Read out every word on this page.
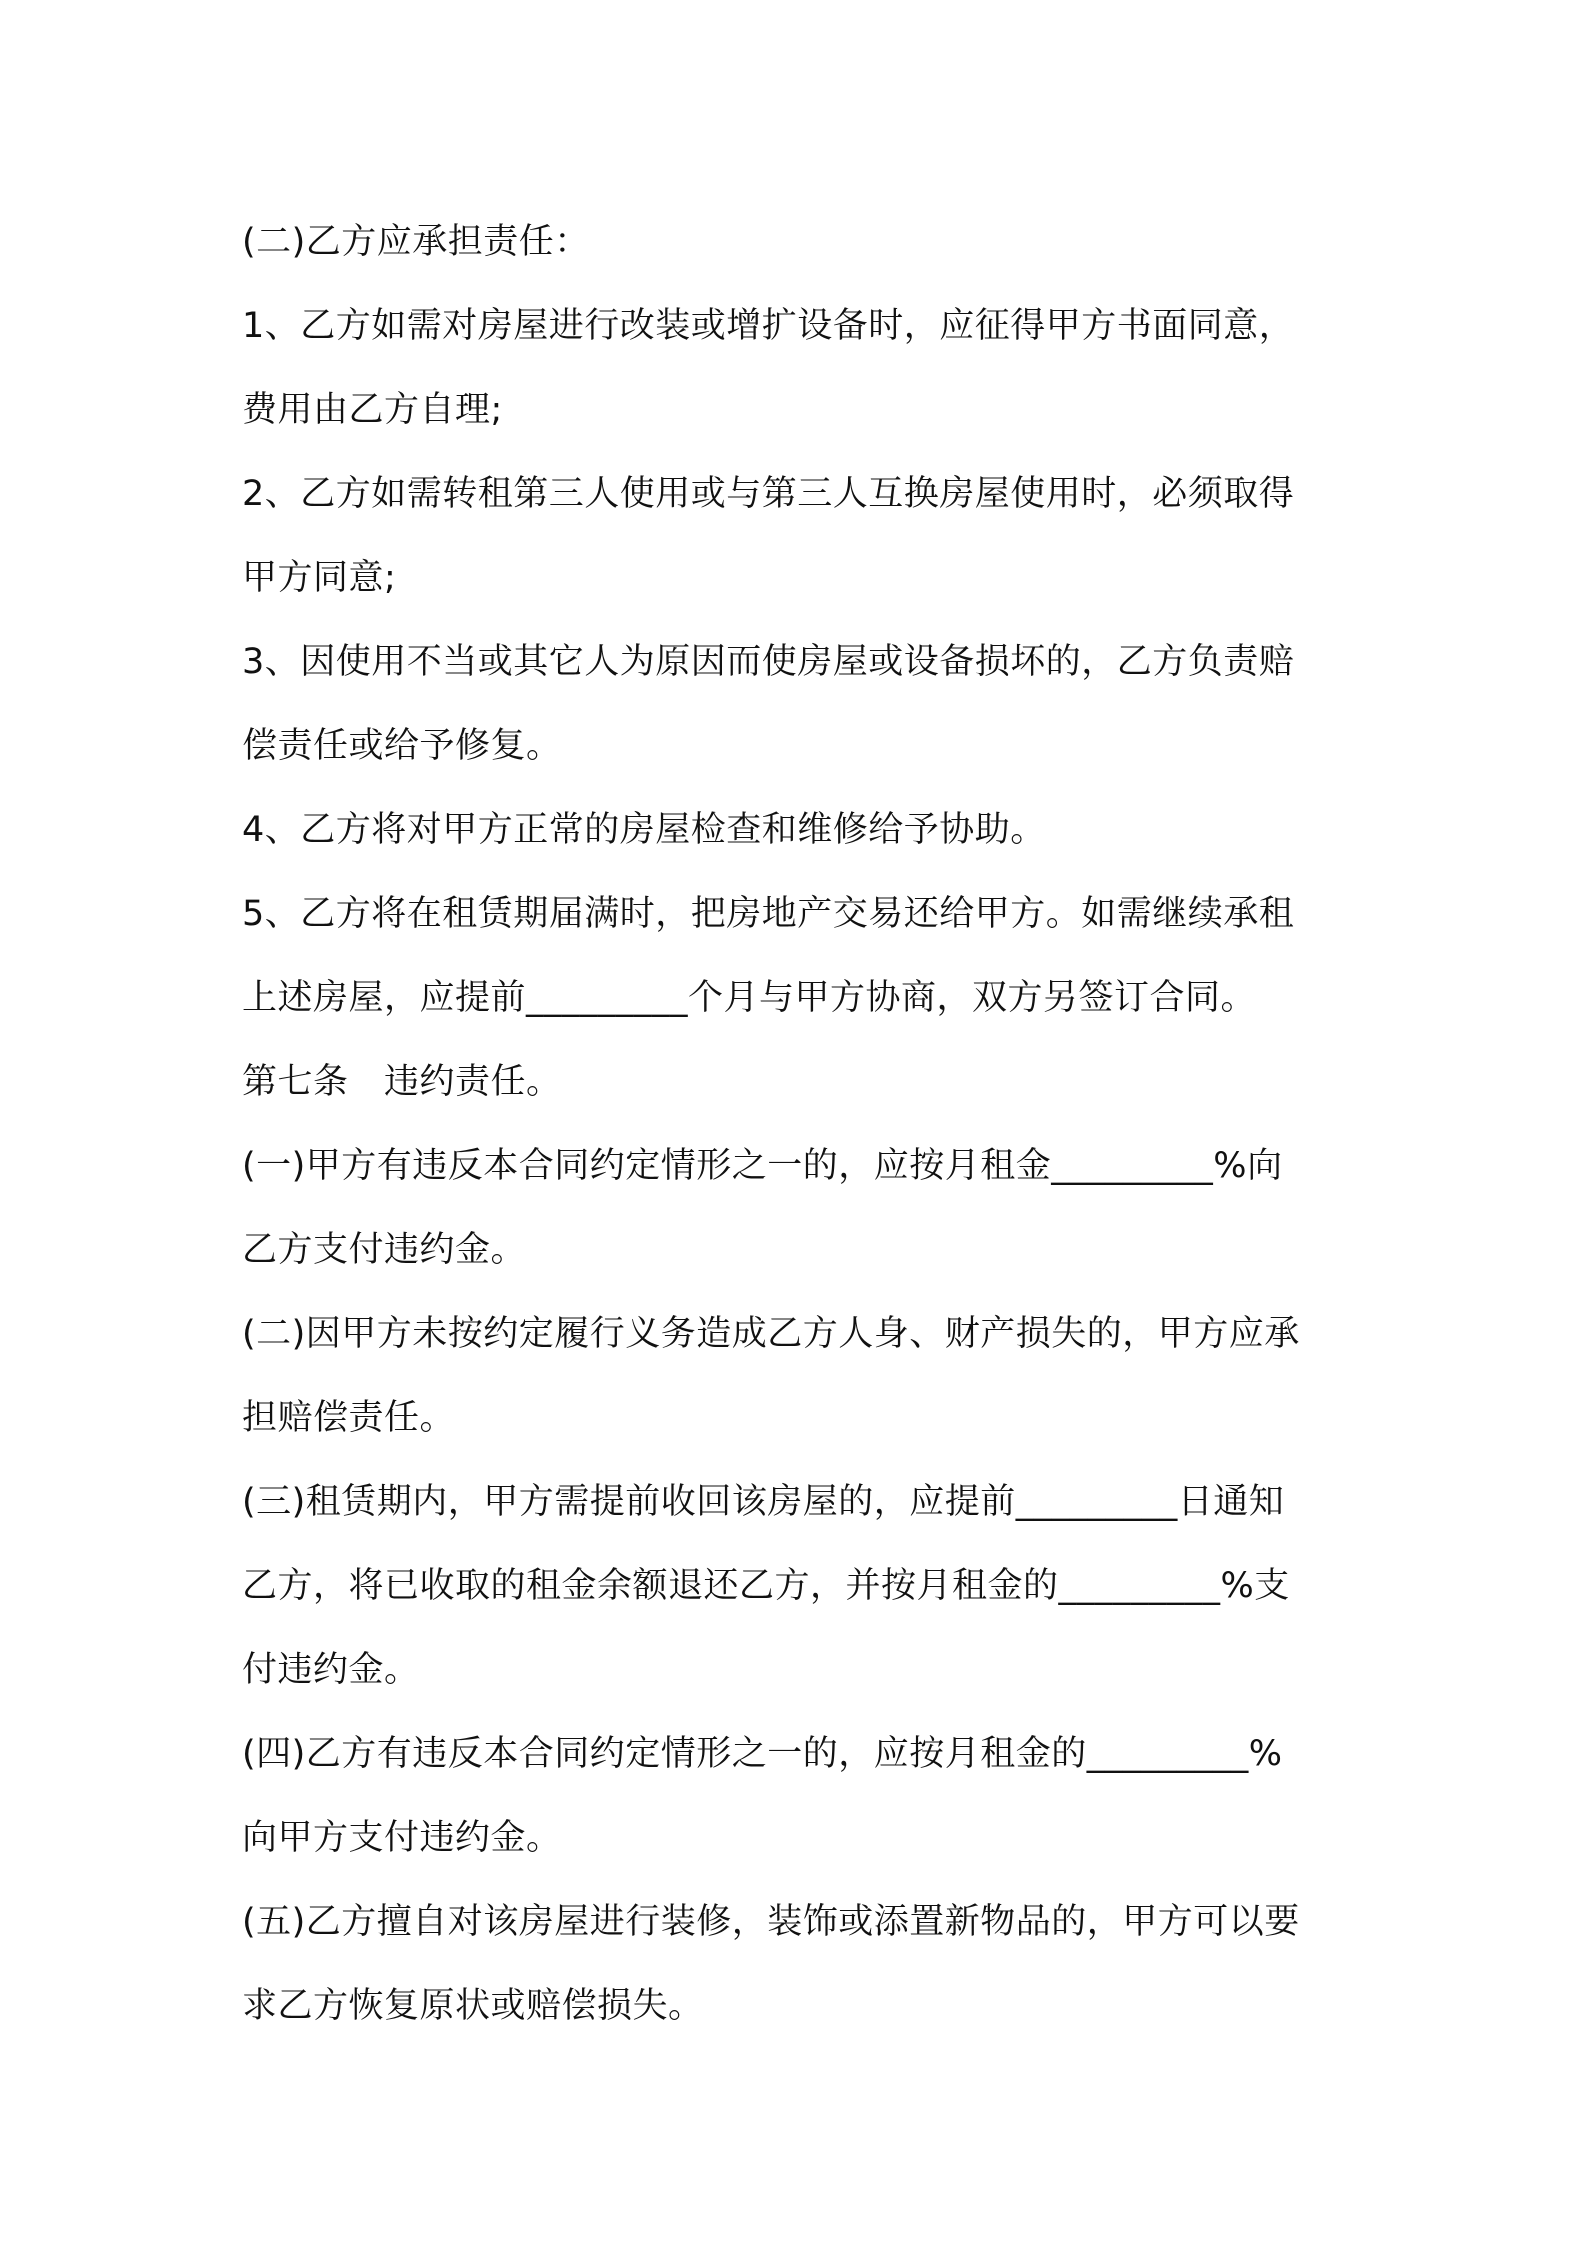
(二)乙方应承担责任：
1、乙方如需对房屋进行改装或增扩设备时，应征得甲方书面同意，
费用由乙方自理;
2、乙方如需转租第三人使用或与第三人互换房屋使用时，必须取得
甲方同意;
3、因使用不当或其它人为原因而使房屋或设备损坏的，乙方负责赔
偿责任或给予修复。
4、乙方将对甲方正常的房屋检查和维修给予协助。
5、乙方将在租赁期届满时，把房地产交易还给甲方。如需继续承租
上述房屋，应提前_________个月与甲方协商，双方另签订合同。
第七条　违约责任。
(一)甲方有违反本合同约定情形之一的，应按月租金_________%向
乙方支付违约金。
(二)因甲方未按约定履行义务造成乙方人身、财产损失的，甲方应承
担赔偿责任。
(三)租赁期内，甲方需提前收回该房屋的，应提前_________日通知
乙方，将已收取的租金余额退还乙方，并按月租金的_________%支
付违约金。
(四)乙方有违反本合同约定情形之一的，应按月租金的_________%
向甲方支付违约金。
(五)乙方擅自对该房屋进行装修，装饰或添置新物品的，甲方可以要
求乙方恢复原状或赔偿损失。
